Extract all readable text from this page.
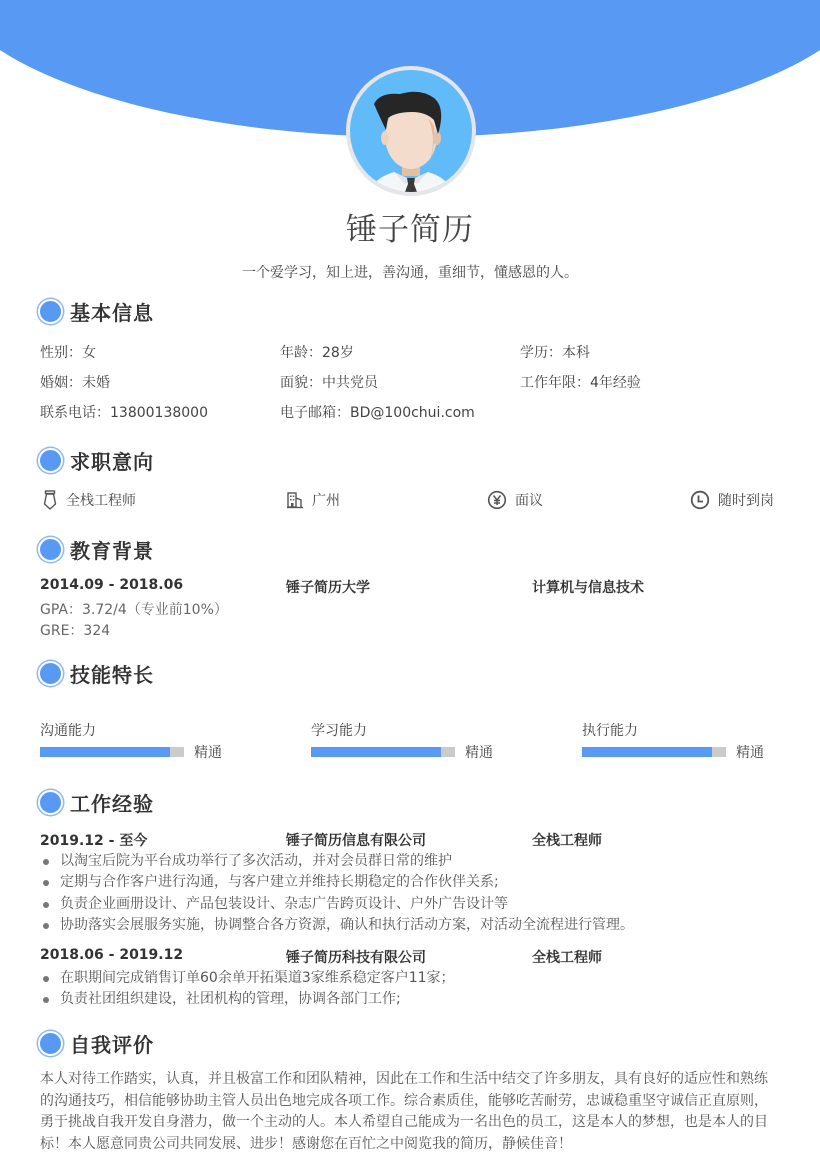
锤子简历
一个爱学习，知上进，善沟通，重细节，懂感恩的人。
基本信息
性别：女	年龄：28岁	学历：本科
婚姻：未婚	面貌：中共党员	工作年限：4年经验
联系电话：13800138000	电子邮箱：BD@100chui.com
求职意向
全栈工程师	广州	面议	随时到岗
教育背景
2014.09 - 2018.06	锤子简历大学	计算机与信息技术
GPA：3.72/4（专业前10%）
GRE：324
技能特长
沟通能力
精通
学习能力
精通
执行能力
精通
工作经验
2019.12 - 至今	锤子简历信息有限公司	全栈工程师
以淘宝后院为平台成功举行了多次活动，并对会员群日常的维护
定期与合作客户进行沟通，与客户建立并维持长期稳定的合作伙伴关系;
负责企业画册设计、产品包装设计、杂志广告跨页设计、户外广告设计等
协助落实会展服务实施，协调整合各方资源，确认和执行活动方案，对活动全流程进行管理。
2018.06 - 2019.12	锤子简历科技有限公司	全栈工程师
在职期间完成销售订单60余单开拓渠道3家维系稳定客户11家；
负责社团组织建设，社团机构的管理，协调各部门工作;
自我评价
本人对待工作踏实，认真，并且极富工作和团队精神，因此在工作和生活中结交了许多朋友，具有良好的适应性和熟练的沟通技巧，相信能够协助主管人员出色地完成各项工作。综合素质佳，能够吃苦耐劳，忠诚稳重坚守诚信正直原则，勇于挑战自我开发自身潜力，做一个主动的人。本人希望自己能成为一名出色的员工，这是本人的梦想，也是本人的目标！本人愿意同贵公司共同发展、进步！感谢您在百忙之中阅览我的简历，静候佳音！
